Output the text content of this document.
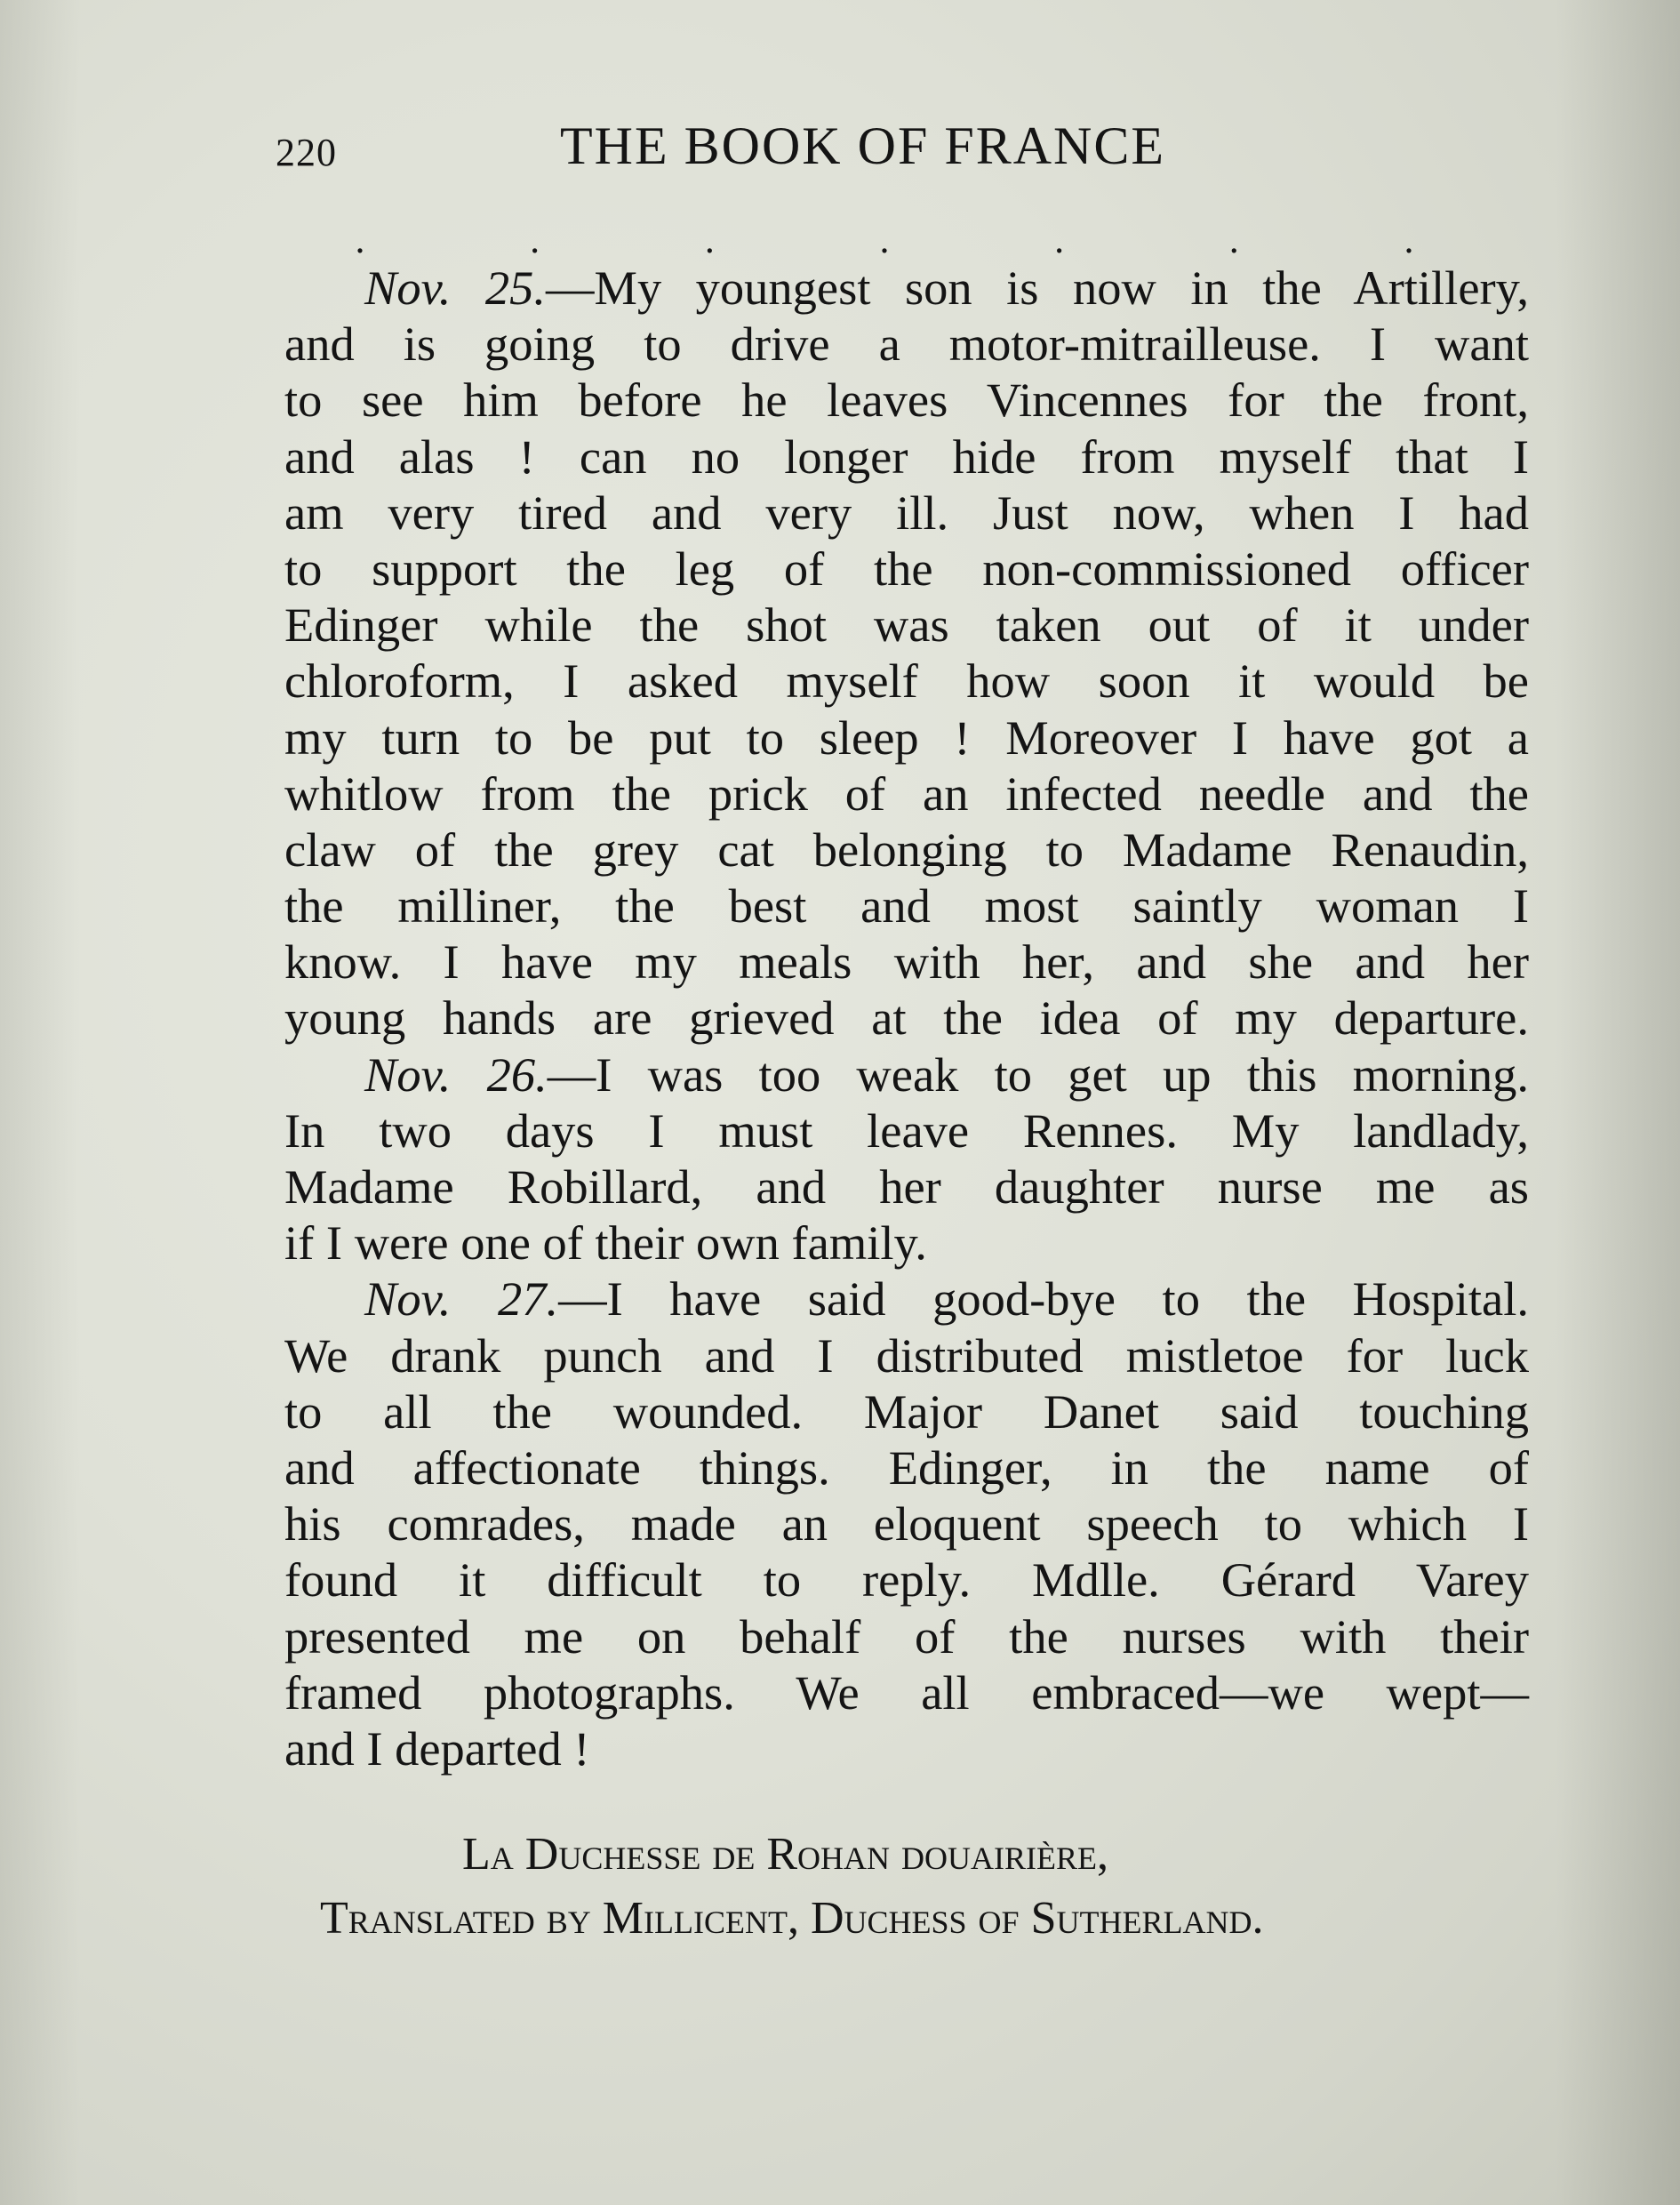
220	THE BOOK OF FRANCE
.	.	.	.	.	.	.
Nov. 25.—My youngest son is now in the Artillery,
and is going to drive a motor-mitrailleuse. I want
to see him before he leaves Vincennes for the front,
and alas ! can no longer hide from myself that I
am very tired and very ill. Just now, when I had
to support the leg of the non-commissioned officer
Edinger while the shot was taken out of it under
chloroform, I asked myself how soon it would be
my turn to be put to sleep ! Moreover I have got a
whitlow from the prick of an infected needle and the
claw of the grey cat belonging to Madame Renaudin,
the milliner, the best and most saintly woman I
know. I have my meals with her, and she and her
young hands are grieved at the idea of my departure.
Nov. 26.—I was too weak to get up this morning.
In two days I must leave Rennes. My landlady,
Madame Robillard, and her daughter nurse me as
if I were one of their own family.
Nov. 27.—I have said good-bye to the Hospital.
We drank punch and I distributed mistletoe for luck
to all the wounded. Major Danet said touching
and affectionate things. Edinger, in the name of
his comrades, made an eloquent speech to which I
found it difficult to reply. Mdlle. Gérard Varey
presented me on behalf of the nurses with their
framed photographs. We all embraced—we wept—
and I departed !
La Duchesse de Rohan douairière,
Translated by Millicent, Duchess of Sutherland.
